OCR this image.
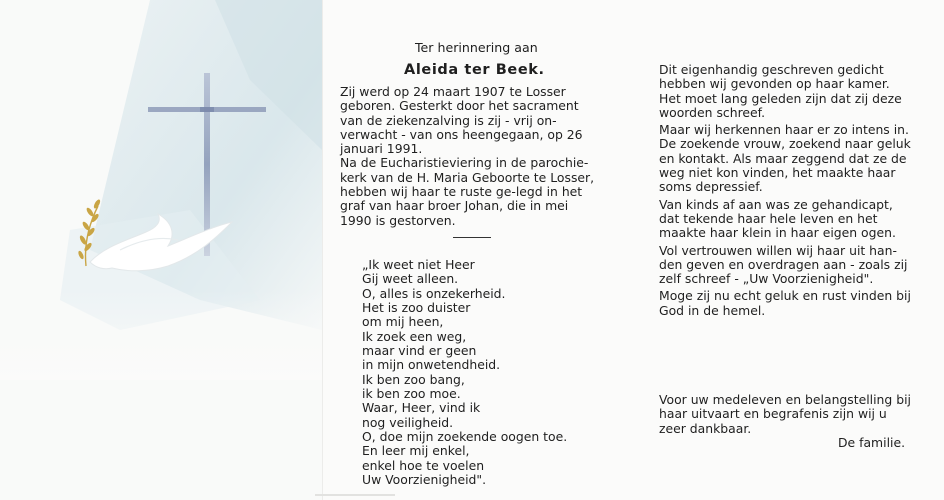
Ter herinnering aan
Aleida ter Beek.

Zij werd op 24 maart 1907 te Losser geboren. Gesterkt door het sacrament van de ziekenzalving is zij - vrij on-verwacht - van ons heengegaan, op 26 januari 1991.

Na de Eucharistieviering in de parochie-kerk van de H. Maria Geboorte te Losser, hebben wij haar te ruste ge-legd in het graf van haar broer Johan, die in mei 1990 is gestorven.

„Ik weet niet Heer
Gij weet alleen.
O, alles is onzekerheid.
Het is zoo duister
om mij heen,
Ik zoek een weg,
maar vind er geen
in mijn onwetendheid.
Ik ben zoo bang,
ik ben zoo moe.
Waar, Heer, vind ik
nog veiligheid.
O, doe mijn zoekende oogen toe.
En leer mij enkel,
enkel hoe te voelen
Uw Voorzienigheid".

Dit eigenhandig geschreven gedicht hebben wij gevonden op haar kamer. Het moet lang geleden zijn dat zij deze woorden schreef.

Maar wij herkennen haar er zo intens in. De zoekende vrouw, zoekend naar geluk en kontakt. Als maar zeggend dat ze de weg niet kon vinden, het maakte haar soms depressief.

Van kinds af aan was ze gehandicapt, dat tekende haar hele leven en het maakte haar klein in haar eigen ogen.

Vol vertrouwen willen wij haar uit han-den geven en overdragen aan - zoals zij zelf schreef - „Uw Voorzienigheid".

Moge zij nu echt geluk en rust vinden bij God in de hemel.

Voor uw medeleven en belangstelling bij haar uitvaart en begrafenis zijn wij u zeer dankbaar.
De familie.
